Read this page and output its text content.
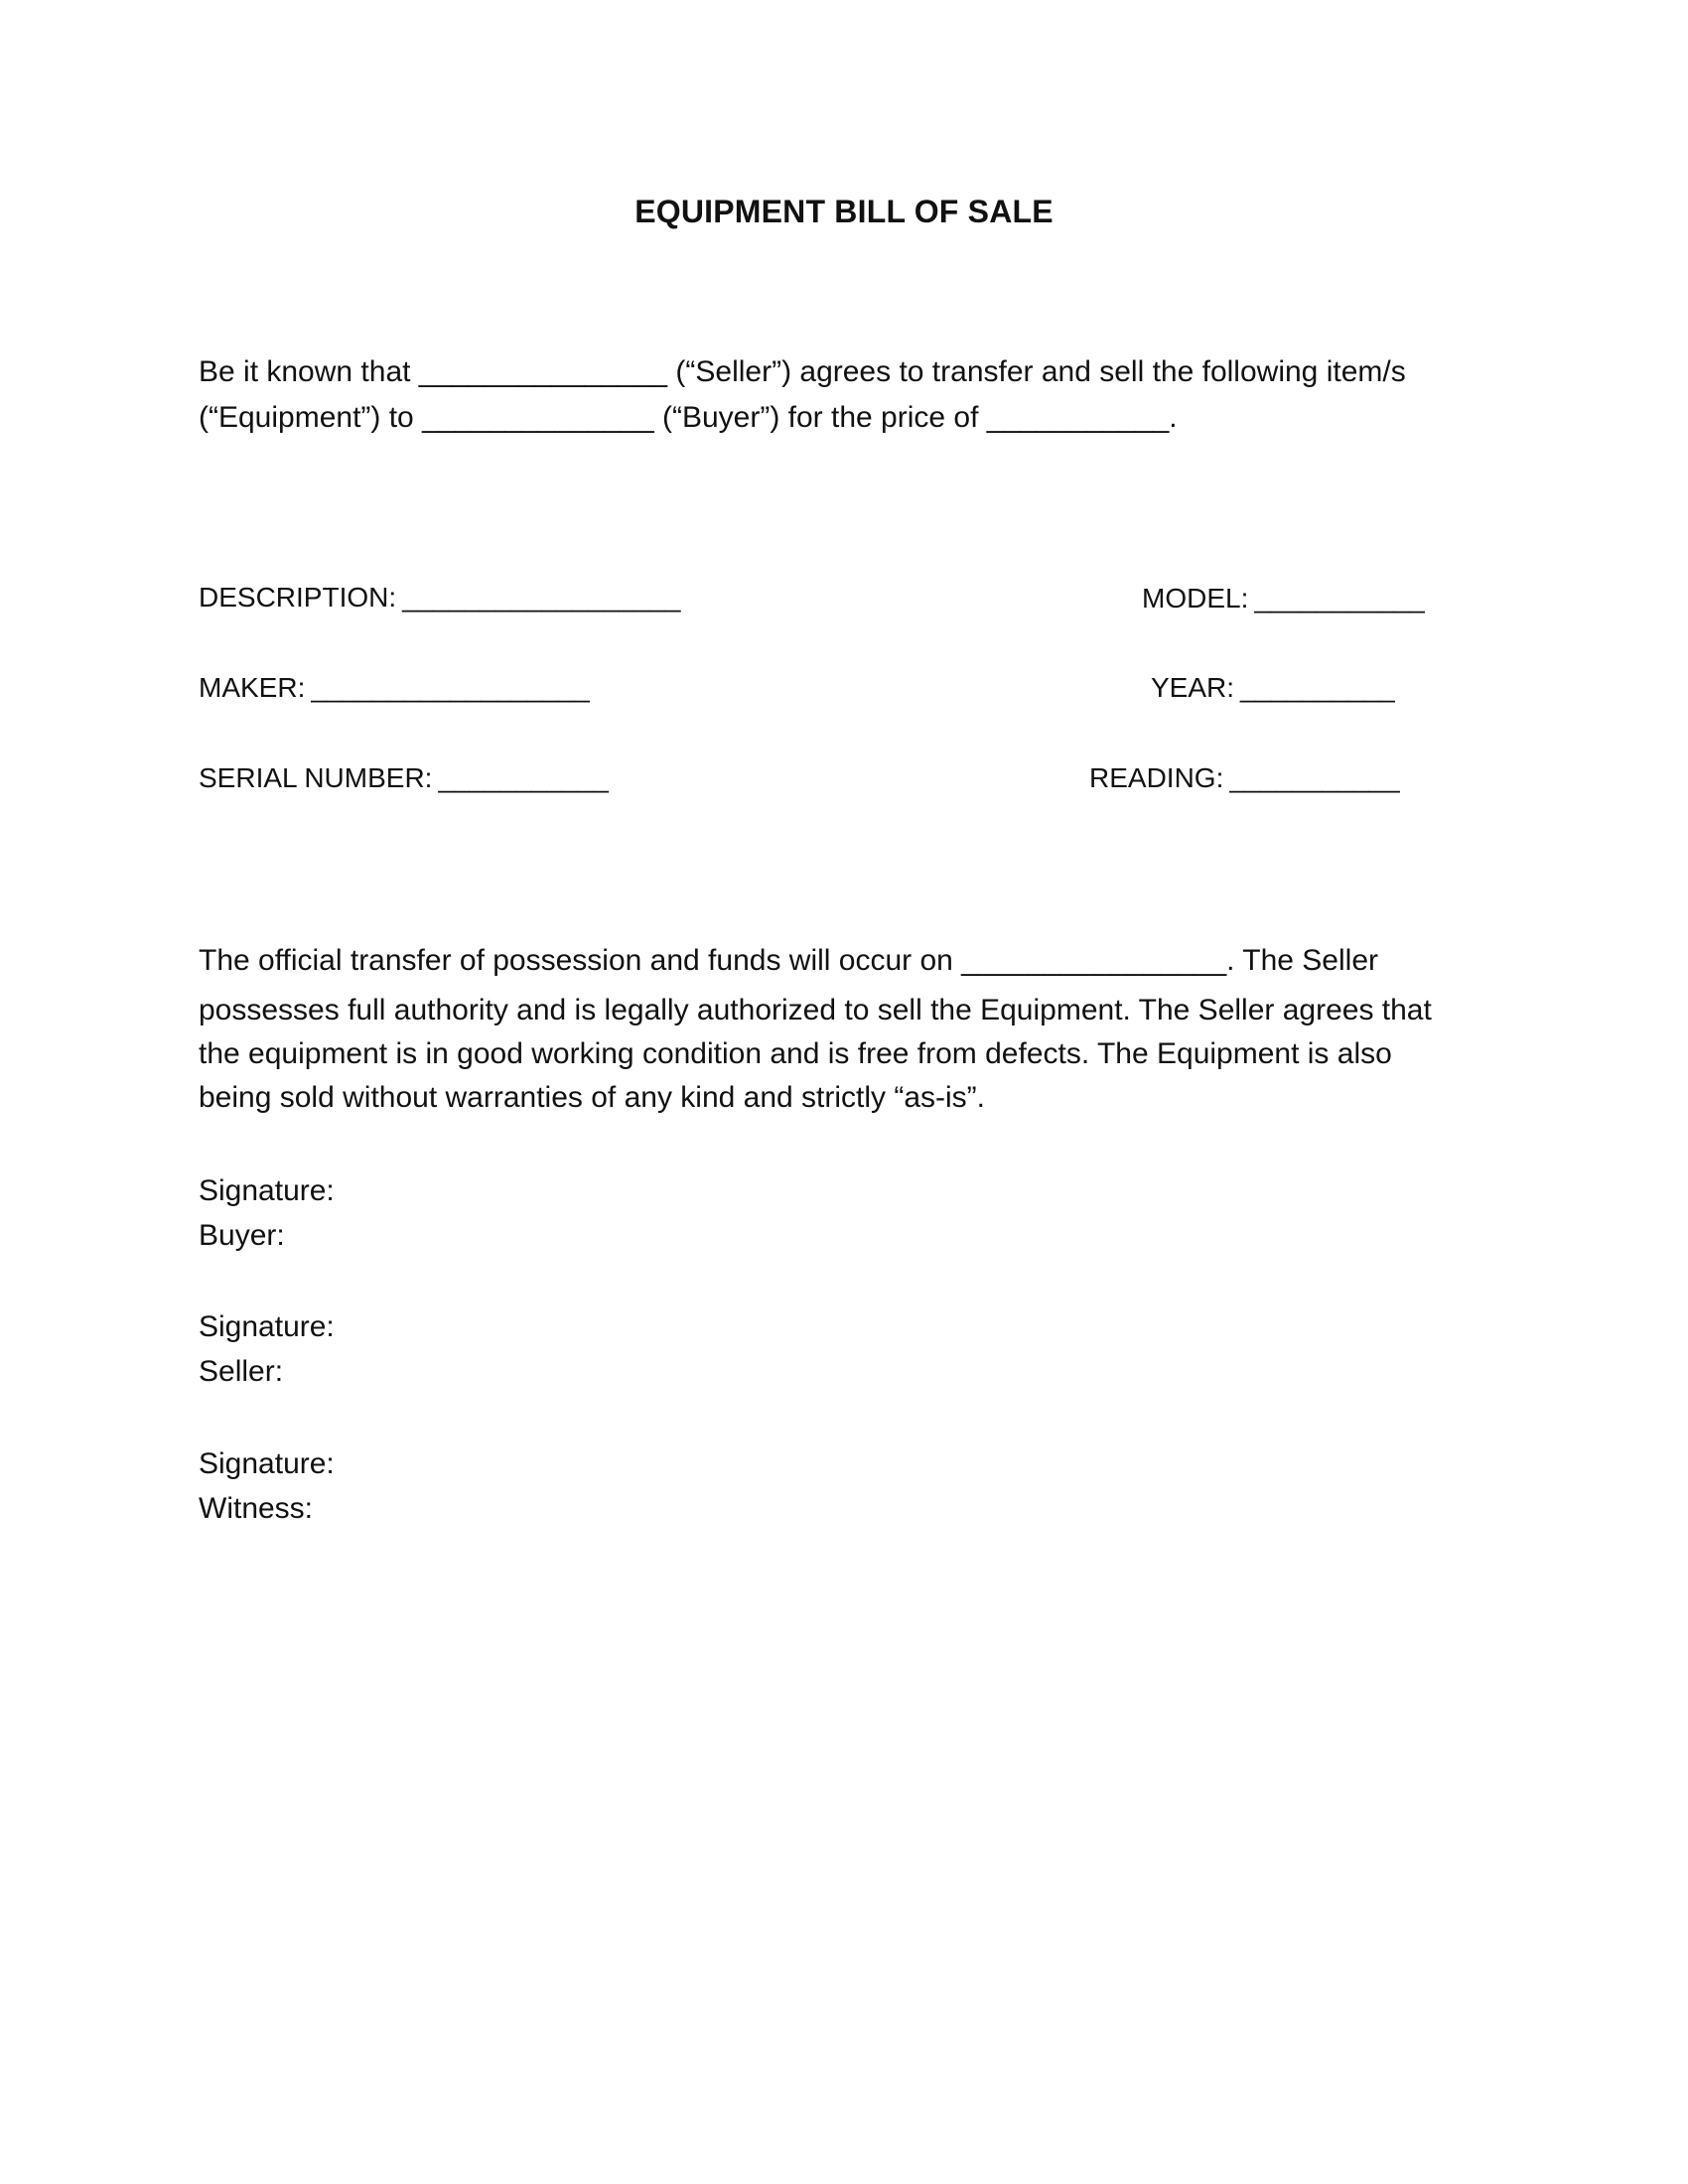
EQUIPMENT BILL OF SALE

Be it known that _______________ (“Seller”) agrees to transfer and sell the following item/s
(“Equipment”) to ______________ (“Buyer”) for the price of ___________.

DESCRIPTION: __________________	MODEL: ___________
MAKER: __________________	YEAR: __________
SERIAL NUMBER: ___________	READING: ___________

The official transfer of possession and funds will occur on ________________. The Seller
possesses full authority and is legally authorized to sell the Equipment. The Seller agrees that
the equipment is in good working condition and is free from defects. The Equipment is also
being sold without warranties of any kind and strictly “as-is”.

Signature:
Buyer:
Signature:
Seller:
Signature:
Witness:
